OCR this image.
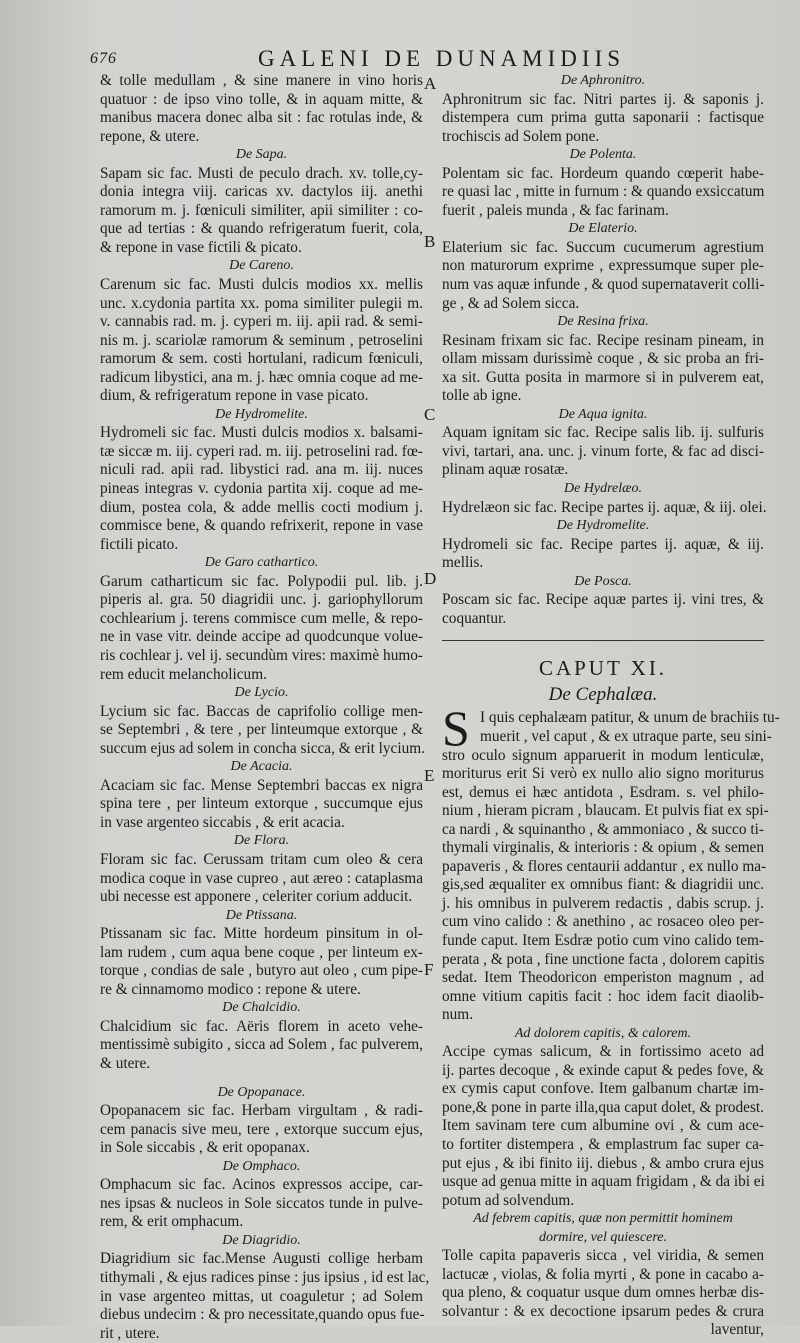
676	GALENI DE DUNAMIDIIS
A
B
C
D
E
F
& tolle medullam , & sine manere in vino horis
quatuor : de ipso vino tolle, & in aquam mitte, &
manibus macera donec alba sit : fac rotulas inde, &
repone, & utere.
De Sapa.
Sapam sic fac. Musti de peculo drach. xv. tolle,cy-
donia integra viij. caricas xv. dactylos iij. anethi
ramorum m. j. fœniculi similiter, apii similiter : co-
que ad tertias : & quando refrigeratum fuerit, cola,
& repone in vase fictili & picato.
De Careno.
Carenum sic fac. Musti dulcis modios xx. mellis
unc. x.cydonia partita xx. poma similiter pulegii m.
v. cannabis rad. m. j. cyperi m. iij. apii rad. & semi-
nis m. j. scariolæ ramorum & seminum , petroselini
ramorum & sem. costi hortulani, radicum fœniculi,
radicum libystici, ana m. j. hæc omnia coque ad me-
dium, & refrigeratum repone in vase picato.
De Hydromelite.
Hydromeli sic fac. Musti dulcis modios x. balsami-
tæ siccæ m. iij. cyperi rad. m. iij. petroselini rad. fœ-
niculi rad. apii rad. libystici rad. ana m. iij. nuces
pineas integras v. cydonia partita xij. coque ad me-
dium, postea cola, & adde mellis cocti modium j.
commisce bene, & quando refrixerit, repone in vase
fictili picato.
De Garo cathartico.
Garum catharticum sic fac. Polypodii pul. lib. j.
piperis al. gra. 50 diagridii unc. j. gariophyllorum
cochlearium j. terens commisce cum melle, & repo-
ne in vase vitr. deinde accipe ad quodcunque volue-
ris cochlear j. vel ij. secundùm vires: maximè humo-
rem educit melancholicum.
De Lycio.
Lycium sic fac. Baccas de caprifolio collige men-
se Septembri , & tere , per linteumque extorque , &
succum ejus ad solem in concha sicca, & erit lycium.
De Acacia.
Acaciam sic fac. Mense Septembri baccas ex nigra
spina tere , per linteum extorque , succumque ejus
in vase argenteo siccabis , & erit acacia.
De Flora.
Floram sic fac. Cerussam tritam cum oleo & cera
modica coque in vase cupreo , aut æreo : cataplasma
ubi necesse est apponere , celeriter corium adducit.
De Ptissana.
Ptissanam sic fac. Mitte hordeum pinsitum in ol-
lam rudem , cum aqua bene coque , per linteum ex-
torque , condias de sale , butyro aut oleo , cum pipe-
re & cinnamomo modico : repone & utere.
De Chalcidio.
Chalcidium sic fac. Aëris florem in aceto vehe-
mentissimè subigito , sicca ad Solem , fac pulverem,
& utere.
De Opopanace.
Opopanacem sic fac. Herbam virgultam , & radi-
cem panacis sive meu, tere , extorque succum ejus,
in Sole siccabis , & erit opopanax.
De Omphaco.
Omphacum sic fac. Acinos expressos accipe, car-
nes ipsas & nucleos in Sole siccatos tunde in pulve-
rem, & erit omphacum.
De Diagridio.
Diagridium sic fac.Mense Augusti collige herbam
tithymali , & ejus radices pinse : jus ipsius , id est lac,
in vase argenteo mittas, ut coaguletur ; ad Solem
diebus undecim : & pro necessitate,quando opus fue-
rit , utere.
De Aphronitro.
Aphronitrum sic fac. Nitri partes ij. & saponis j.
distempera cum prima gutta saponarii : factisque
trochiscis ad Solem pone.
De Polenta.
Polentam sic fac. Hordeum quando cœperit habe-
re quasi lac , mitte in furnum : & quando exsiccatum
fuerit , paleis munda , & fac farinam.
De Elaterio.
Elaterium sic fac. Succum cucumerum agrestium
non maturorum exprime , expressumque super ple-
num vas aquæ infunde , & quod supernataverit colli-
ge , & ad Solem sicca.
De Resina frixa.
Resinam frixam sic fac. Recipe resinam pineam, in
ollam missam durissimè coque , & sic proba an fri-
xa sit. Gutta posita in marmore si in pulverem eat,
tolle ab igne.
De Aqua ignita.
Aquam ignitam sic fac. Recipe salis lib. ij. sulfuris
vivi, tartari, ana. unc. j. vinum forte, & fac ad disci-
plinam aquæ rosatæ.
De Hydrelæo.
Hydrelæon sic fac. Recipe partes ij. aquæ, & iij. olei.
De Hydromelite.
Hydromeli sic fac. Recipe partes ij. aquæ, & iij.
mellis.
De Posca.
Poscam sic fac. Recipe aquæ partes ij. vini tres, &
coquantur.
CAPUT XI.
De Cephalæa.
S I quis cephalæam patitur, & unum de brachiis tu-
muerit , vel caput , & ex utraque parte, seu sini-
stro oculo signum apparuerit in modum lenticulæ,
moriturus erit Si verò ex nullo alio signo moriturus
est, demus ei hæc antidota , Esdram. s. vel philo-
nium , hieram picram , blaucam. Et pulvis fiat ex spi-
ca nardi , & squinantho , & ammoniaco , & succo ti-
thymali virginalis, & interioris : & opium , & semen
papaveris , & flores centaurii addantur , ex nullo ma-
gis,sed æqualiter ex omnibus fiant: & diagridii unc.
j. his omnibus in pulverem redactis , dabis scrup. j.
cum vino calido : & anethino , ac rosaceo oleo per-
funde caput. Item Esdræ potio cum vino calido tem-
perata , & pota , fine unctione facta , dolorem capitis
sedat. Item Theodoricon emperiston magnum , ad
omne vitium capitis facit : hoc idem facit diaolib-
num.
Ad dolorem capitis, & calorem.
Accipe cymas salicum, & in fortissimo aceto ad
ij. partes decoque , & exinde caput & pedes fove, &
ex cymis caput confove. Item galbanum chartæ im-
pone,& pone in parte illa,qua caput dolet, & prodest.
Item savinam tere cum albumine ovi , & cum ace-
to fortiter distempera , & emplastrum fac super ca-
put ejus , & ibi finito iij. diebus , & ambo crura ejus
usque ad genua mitte in aquam frigidam , & da ibi ei
potum ad solvendum.
Ad febrem capitis, quæ non permittit hominem
dormire, vel quiescere.
Tolle capita papaveris sicca , vel viridia, & semen
lactucæ , violas, & folia myrti , & pone in cacabo a-
qua pleno, & coquatur usque dum omnes herbæ dis-
solvantur : & ex decoctione ipsarum pedes & crura
laventur,
